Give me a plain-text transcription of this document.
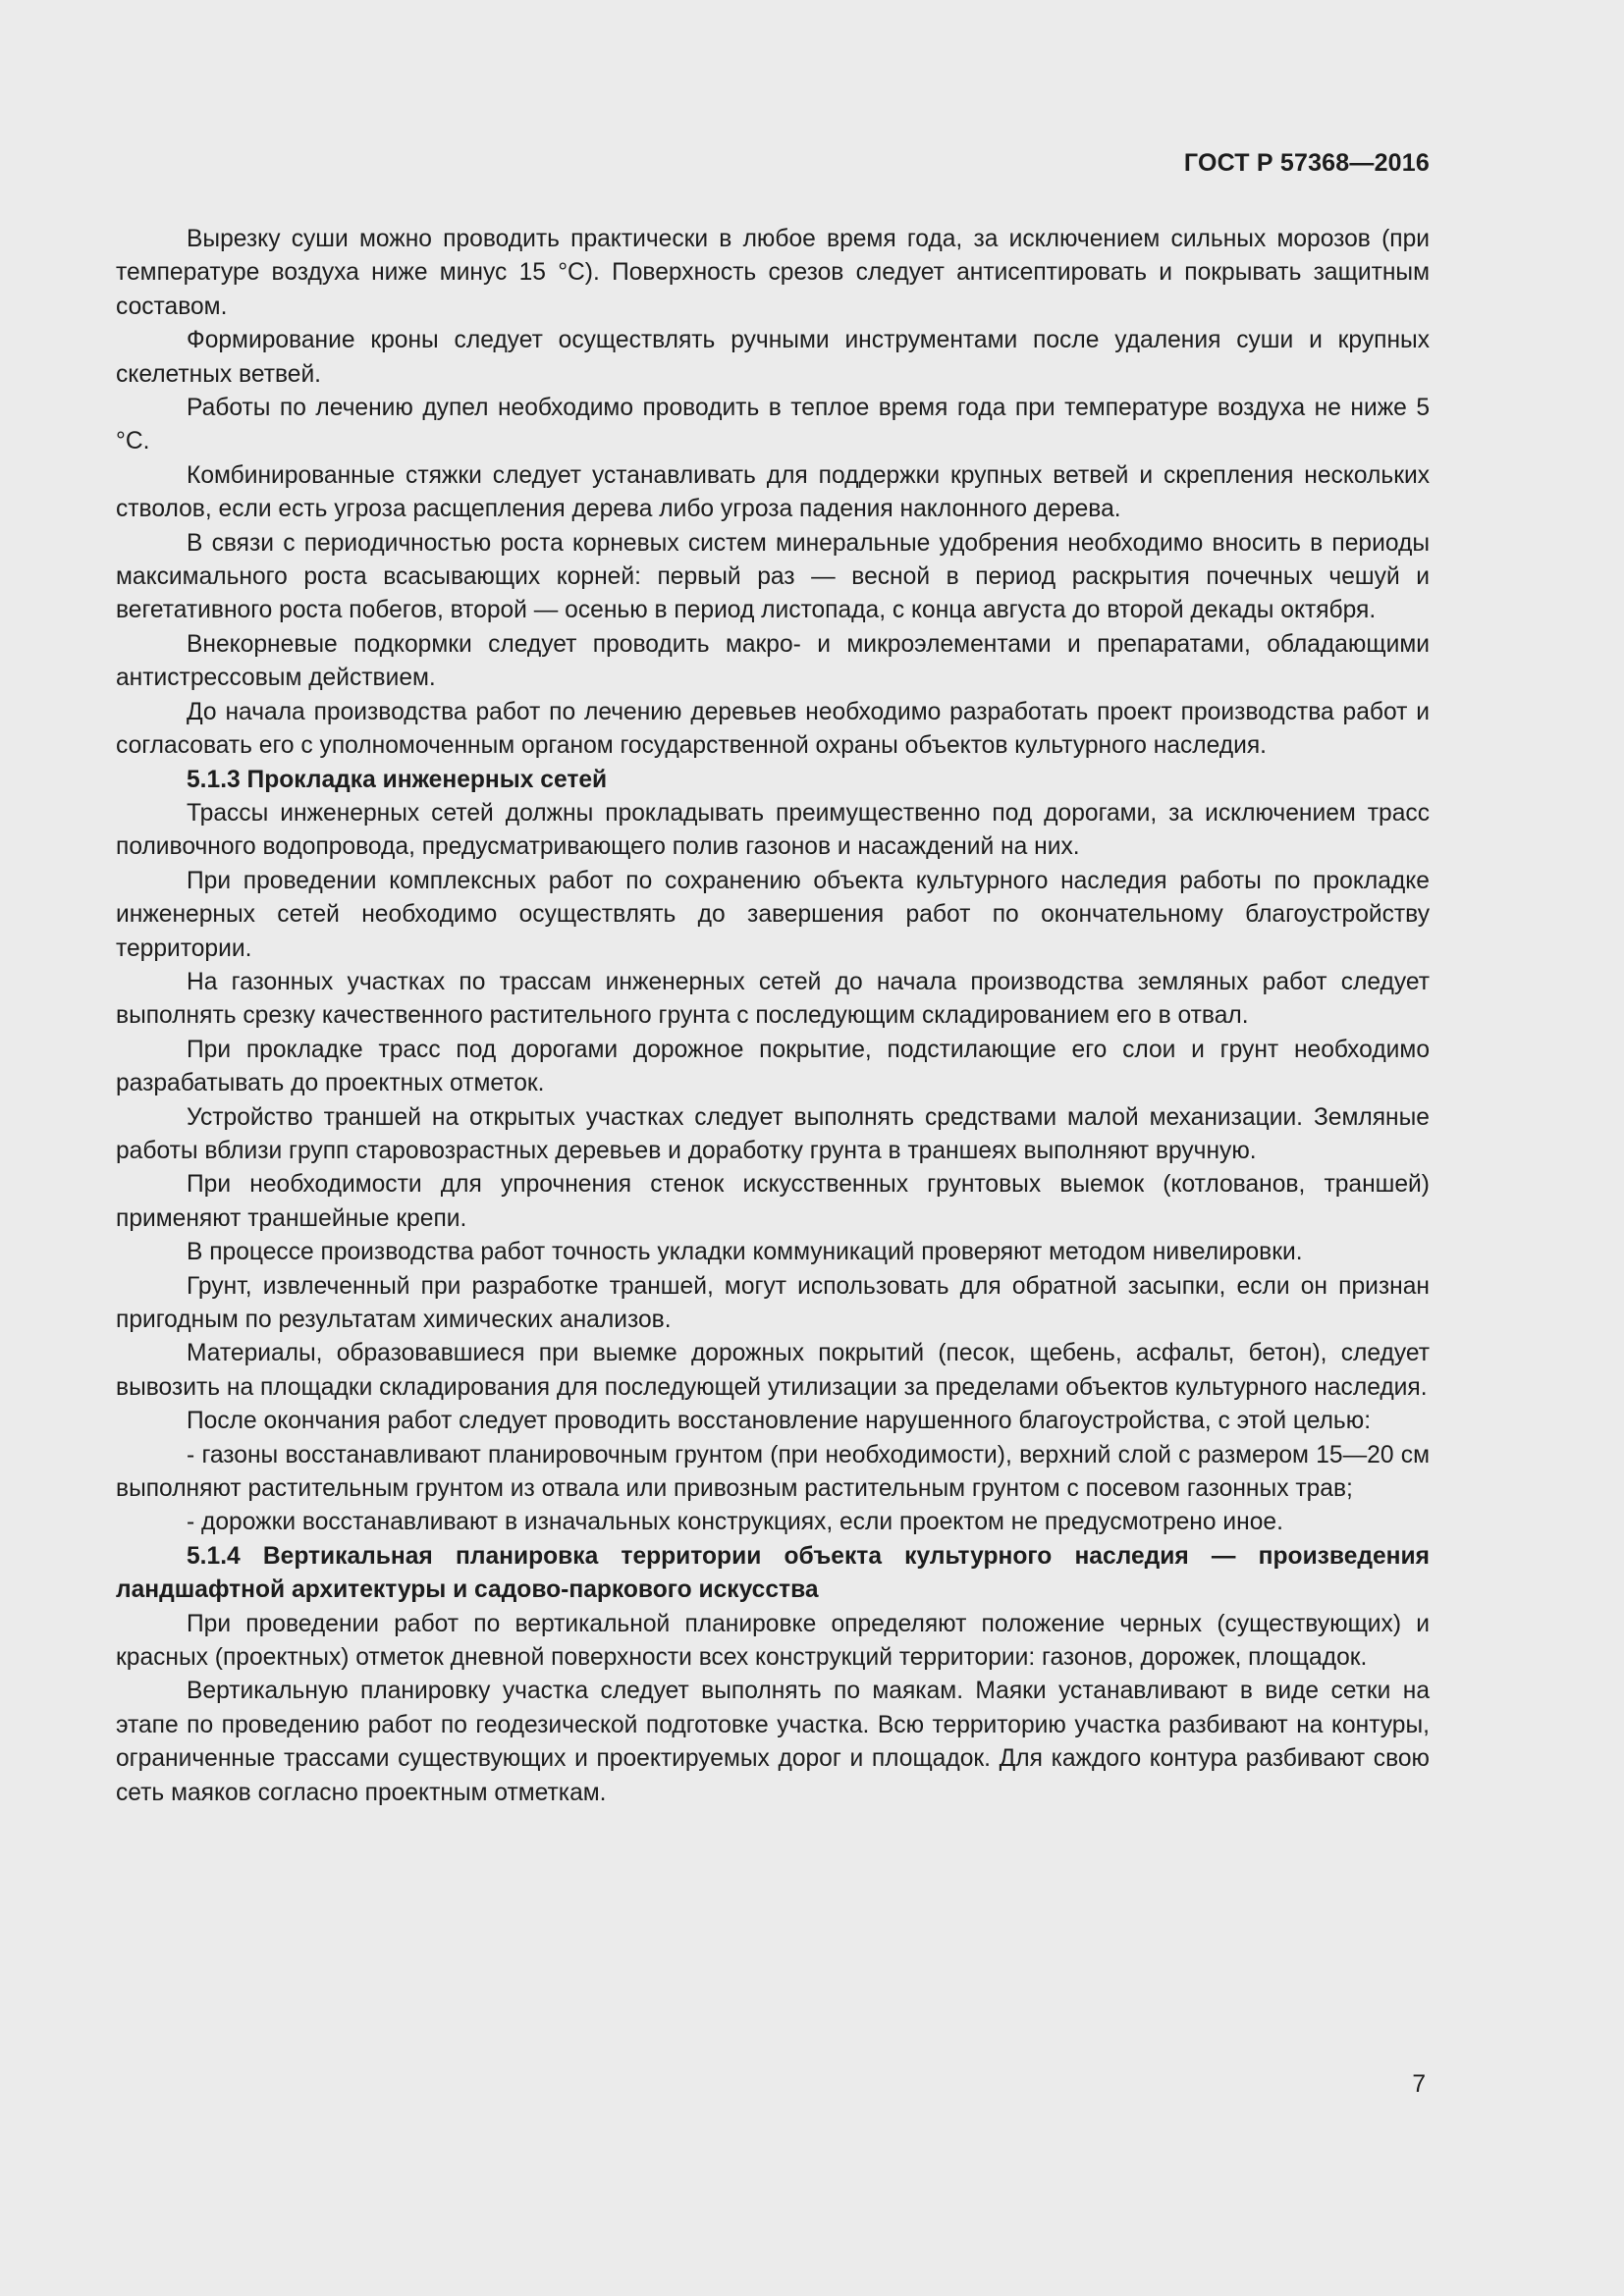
ГОСТ Р 57368—2016

Вырезку суши можно проводить практически в любое время года, за исключением сильных морозов (при температуре воздуха ниже минус 15 °С). Поверхность срезов следует антисептировать и покрывать защитным составом.

Формирование кроны следует осуществлять ручными инструментами после удаления суши и крупных скелетных ветвей.

Работы по лечению дупел необходимо проводить в теплое время года при температуре воздуха не ниже 5 °С.

Комбинированные стяжки следует устанавливать для поддержки крупных ветвей и скрепления нескольких стволов, если есть угроза расщепления дерева либо угроза падения наклонного дерева.

В связи с периодичностью роста корневых систем минеральные удобрения необходимо вносить в периоды максимального роста всасывающих корней: первый раз — весной в период раскрытия почечных чешуй и вегетативного роста побегов, второй — осенью в период листопада, с конца августа до второй декады октября.

Внекорневые подкормки следует проводить макро- и микроэлементами и препаратами, обладающими антистрессовым действием.

До начала производства работ по лечению деревьев необходимо разработать проект производства работ и согласовать его с уполномоченным органом государственной охраны объектов культурного наследия.

5.1.3 Прокладка инженерных сетей

Трассы инженерных сетей должны прокладывать преимущественно под дорогами, за исключением трасс поливочного водопровода, предусматривающего полив газонов и насаждений на них.

При проведении комплексных работ по сохранению объекта культурного наследия работы по прокладке инженерных сетей необходимо осуществлять до завершения работ по окончательному благоустройству территории.

На газонных участках по трассам инженерных сетей до начала производства земляных работ следует выполнять срезку качественного растительного грунта с последующим складированием его в отвал.

При прокладке трасс под дорогами дорожное покрытие, подстилающие его слои и грунт необходимо разрабатывать до проектных отметок.

Устройство траншей на открытых участках следует выполнять средствами малой механизации. Земляные работы вблизи групп старовозрастных деревьев и доработку грунта в траншеях выполняют вручную.

При необходимости для упрочнения стенок искусственных грунтовых выемок (котлованов, траншей) применяют траншейные крепи.

В процессе производства работ точность укладки коммуникаций проверяют методом нивелировки.

Грунт, извлеченный при разработке траншей, могут использовать для обратной засыпки, если он признан пригодным по результатам химических анализов.

Материалы, образовавшиеся при выемке дорожных покрытий (песок, щебень, асфальт, бетон), следует вывозить на площадки складирования для последующей утилизации за пределами объектов культурного наследия.

После окончания работ следует проводить восстановление нарушенного благоустройства, с этой целью:

- газоны восстанавливают планировочным грунтом (при необходимости), верхний слой с размером 15—20 см выполняют растительным грунтом из отвала или привозным растительным грунтом с посевом газонных трав;

- дорожки восстанавливают в изначальных конструкциях, если проектом не предусмотрено иное.

5.1.4 Вертикальная планировка территории объекта культурного наследия — произведения ландшафтной архитектуры и садово-паркового искусства

При проведении работ по вертикальной планировке определяют положение черных (существующих) и красных (проектных) отметок дневной поверхности всех конструкций территории: газонов, дорожек, площадок.

Вертикальную планировку участка следует выполнять по маякам. Маяки устанавливают в виде сетки на этапе по проведению работ по геодезической подготовке участка. Всю территорию участка разбивают на контуры, ограниченные трассами существующих и проектируемых дорог и площадок. Для каждого контура разбивают свою сеть маяков согласно проектным отметкам.

7
